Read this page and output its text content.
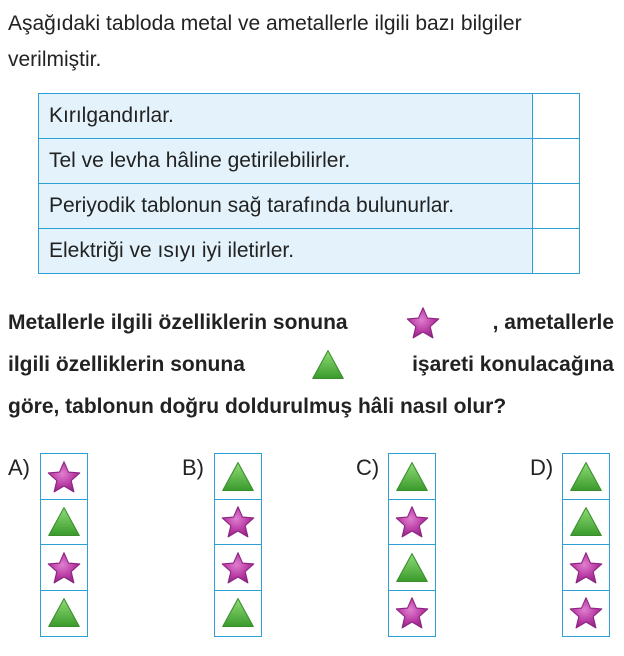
Aşağıdaki tabloda metal ve ametallerle ilgili bazı bilgiler
verilmiştir.
Kırılgandırlar.	
Tel ve levha hâline getirilebilirler.	
Periyodik tablonun sağ tarafında bulunurlar.	
Elektriği ve ısıyı iyi iletirler.	
Metallerle ilgili özelliklerin sonuna	, ametallerle
ilgili özelliklerin sonuna	işareti konulacağına
göre, tablonun doğru doldurulmuş hâli nasıl olur?
A)	B)	C)	D)
